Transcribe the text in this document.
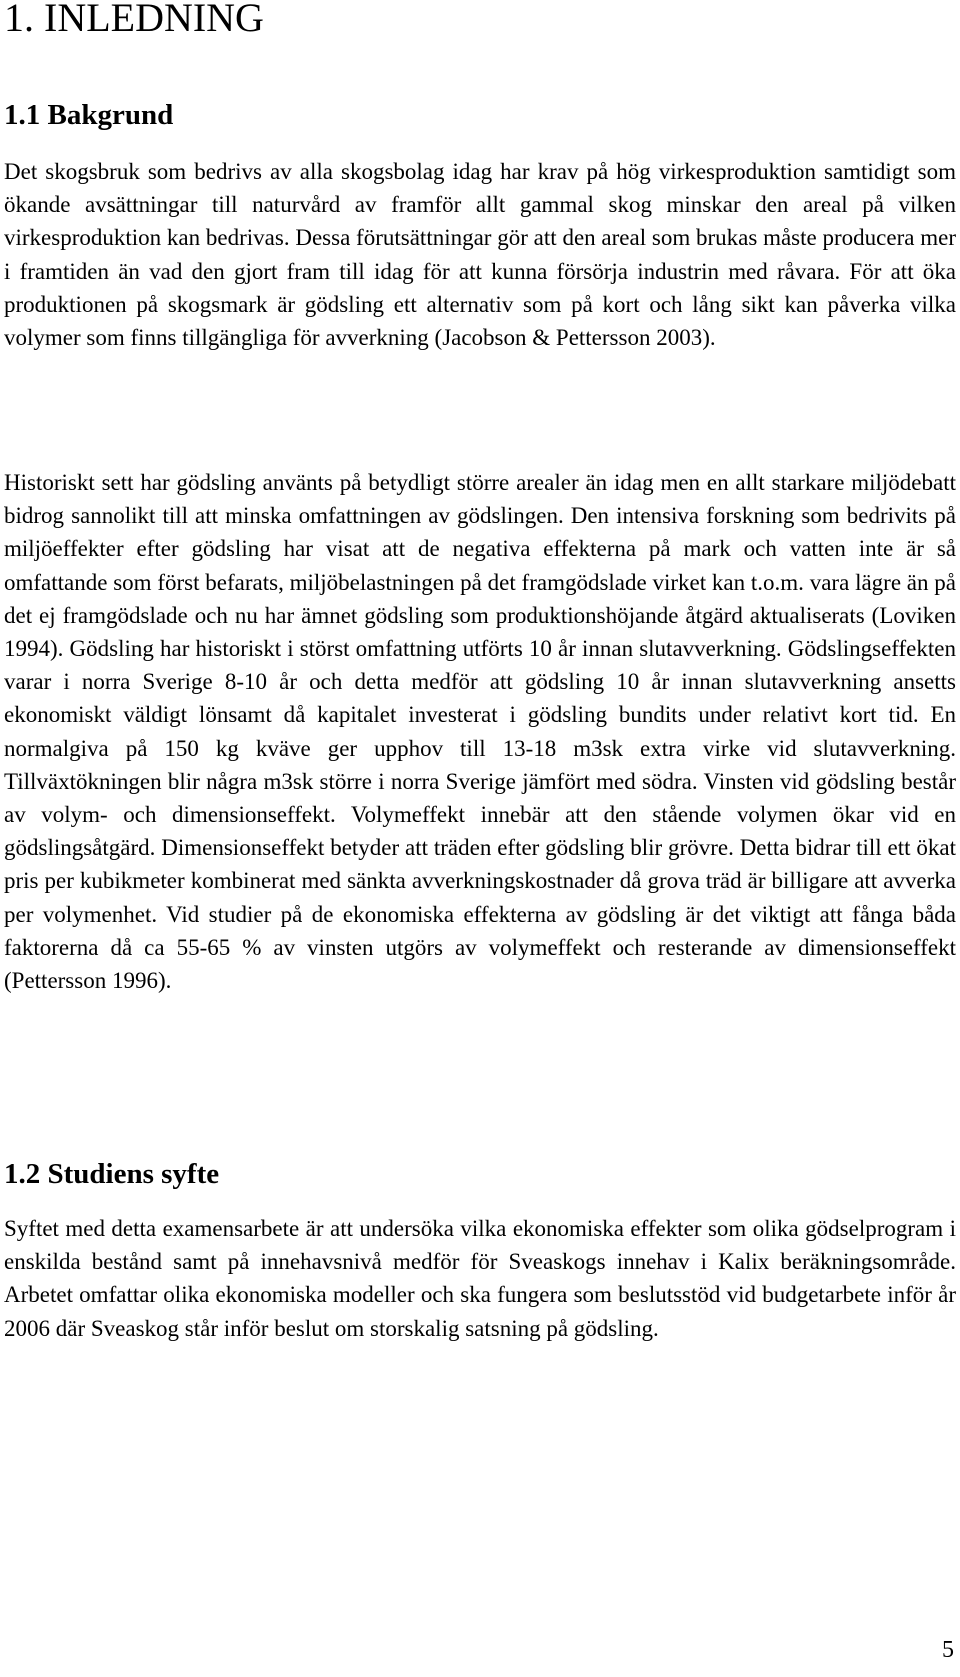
1. INLEDNING
1.1 Bakgrund

Det skogsbruk som bedrivs av alla skogsbolag idag har krav på hög virkesproduktion samtidigt som ökande avsättningar till naturvård av framför allt gammal skog minskar den areal på vilken virkesproduktion kan bedrivas. Dessa förutsättningar gör att den areal som brukas måste producera mer i framtiden än vad den gjort fram till idag för att kunna försörja industrin med råvara. För att öka produktionen på skogsmark är gödsling ett alternativ som på kort och lång sikt kan påverka vilka volymer som finns tillgängliga för avverkning (Jacobson & Pettersson 2003).

Historiskt sett har gödsling använts på betydligt större arealer än idag men en allt starkare miljödebatt bidrog sannolikt till att minska omfattningen av gödslingen. Den intensiva forskning som bedrivits på miljöeffekter efter gödsling har visat att de negativa effekterna på mark och vatten inte är så omfattande som först befarats, miljöbelastningen på det framgödslade virket kan t.o.m. vara lägre än på det ej framgödslade och nu har ämnet gödsling som produktionshöjande åtgärd aktualiserats (Loviken 1994). Gödsling har historiskt i störst omfattning utförts 10 år innan slutavverkning. Gödslingseffekten varar i norra Sverige 8-10 år och detta medför att gödsling 10 år innan slutavverkning ansetts ekonomiskt väldigt lönsamt då kapitalet investerat i gödsling bundits under relativt kort tid. En normalgiva på 150 kg kväve ger upphov till 13-18 m3sk extra virke vid slutavverkning. Tillväxtökningen blir några m3sk större i norra Sverige jämfört med södra. Vinsten vid gödsling består av volym- och dimensionseffekt. Volymeffekt innebär att den stående volymen ökar vid en gödslingsåtgärd. Dimensionseffekt betyder att träden efter gödsling blir grövre. Detta bidrar till ett ökat pris per kubikmeter kombinerat med sänkta avverkningskostnader då grova träd är billigare att avverka per volymenhet. Vid studier på de ekonomiska effekterna av gödsling är det viktigt att fånga båda faktorerna då ca 55-65 % av vinsten utgörs av volymeffekt och resterande av dimensionseffekt (Pettersson 1996).

1.2 Studiens syfte

Syftet med detta examensarbete är att undersöka vilka ekonomiska effekter som olika gödselprogram i enskilda bestånd samt på innehavsnivå medför för Sveaskogs innehav i Kalix beräkningsområde. Arbetet omfattar olika ekonomiska modeller och ska fungera som beslutsstöd vid budgetarbete inför år 2006 där Sveaskog står inför beslut om storskalig satsning på gödsling.

5
